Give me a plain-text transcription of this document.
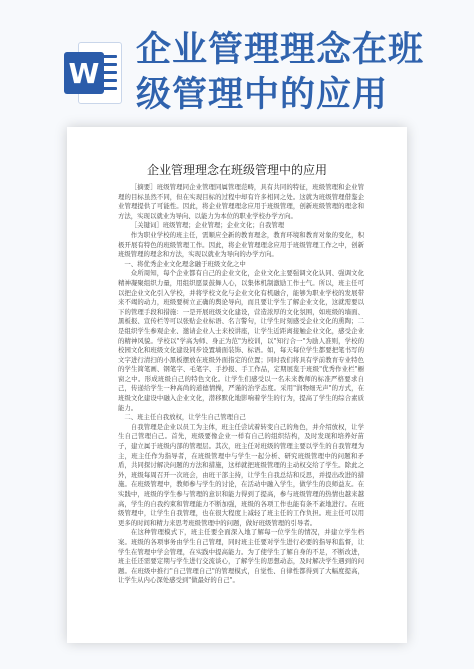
W
企业管理理念在班
级管理中的应用
企业管理理念在班级管理中的应用

［摘要］班级管理同企业管理同属管理范畴，具有共同的特征，班级管理和企业管理的目标虽然不同，但在实现目标的过程中却有许多相同之处。这就为班级管理借鉴企业管理提供了可能性。因此，将企业管理理念应用于班级管理，创新班级管理的理念和方法，实现以就业为导向、以能力为本位的职业学校办学方向。

［关键词］班级管理；企业管理；企业文化；自我管理

作为职业学校的班主任，需顺应全新的教育理念，教育环境和教育对象的变化，积极开展有特色的班级管理工作。因此，将企业管理理念应用于班级管理工作之中，创新班级管理的理念和方法，实现以就业为导向的办学方向。

一、将优秀企业文化理念融于班级文化之中

众所周知，每个企业都有自己的企业文化，企业文化主要强调文化认同、强调文化精神凝聚组织力量，用组织愿景鼓舞人心，以集体机制激励工作士气。所以，班主任可以把企业文化引入学校，并将学校文化与企业文化有机融合，能够为职业学校的发展带来不竭的动力，班级要树立正确的舆论导向，而且要让学生了解企业文化，这就需要以下的管理手段和措施：一是开展班级文化建设，营造浓厚的文化氛围，如班级的墙面、黑板报、宣传栏等可以张贴企业标语、名言警句，让学生时刻感受企业文化的熏陶；二是组织学生参观企业、邀请企业人士来校讲座，让学生近距离接触企业文化，感受企业的精神风貌。学校以"学高为师、身正为范"为校训，以"知行合一"为励人准则，学校的校园文化和班级文化建设同步设置墙面装饰、标语。如，每天每位学生都要把笔书写的文字进行清扫的小黑板摆放在班级外面指定的位置；同时我们将具有学前教育专业特色的学生简笔画、钢笔字、毛笔字、手抄报、手工作品，定期展览于班级"优秀作业栏"橱窗之中。形成班级自己的特色文化。让学生们感受以一名未来教师的标准严格要求自己，传递给学生一种高尚的道德情操，严谨的治学态度。采用"润物细无声"的方式，在班级文化建设中融入企业文化，潜移默化地影响着学生的行为，提高了学生的综合素质能力。

二、班主任自我放权，让学生自己管理自己

自我管理是企业以员工为主体，班主任尝试着转变自己的角色，并介绍放权，让学生自己管理自己。首先，班级要像企业一样有自己的组织结构，及时发现和培养好苗子，建立属于班级内部的管理层。其次，班主任对班级的管理主要以学生的自我管理为主，班主任作为指导者，在班级管理中与学生一起分析、研究班级管理中的问题和矛盾，共同探讨解决问题的方法和措施，这样就把班级管理的主动权交给了学生。除此之外，班级每周召开一次班会，由班干部主持，让学生自我总结和反思，并提出改进的措施。在班级管理中，教师参与学生的讨论，在活动中融入学生，做学生的良师益友。在实践中，班级的学生参与管理的意识和能力得到了提高，参与班级管理的热情也越来越高，学生的自我约束和管理能力不断加强，班级的各项工作也能有条不紊地进行。在班级管理中，让学生自我管理，也在很大程度上减轻了班主任的工作负担。班主任可以用更多的时间和精力来思考班级管理中的问题，做好班级管理的引导者。

在这种管理模式下，班主任要全面深入地了解每一位学生的情况，并建立学生档案。班级的各项事务由学生自己管理，同时班主任要对学生进行必要的指导和监督，让学生在管理中学会管理，在实践中提高能力。为了使学生了解自身的不足，不断改进，班主任还需要定期与学生进行交流谈心，了解学生的思想动态，及时解决学生遇到的问题。在班级中推行"自己管理自己"的管理模式，自觉性、自律性都得到了大幅度提高，让学生从内心深处感受到"做最好的自己"。
